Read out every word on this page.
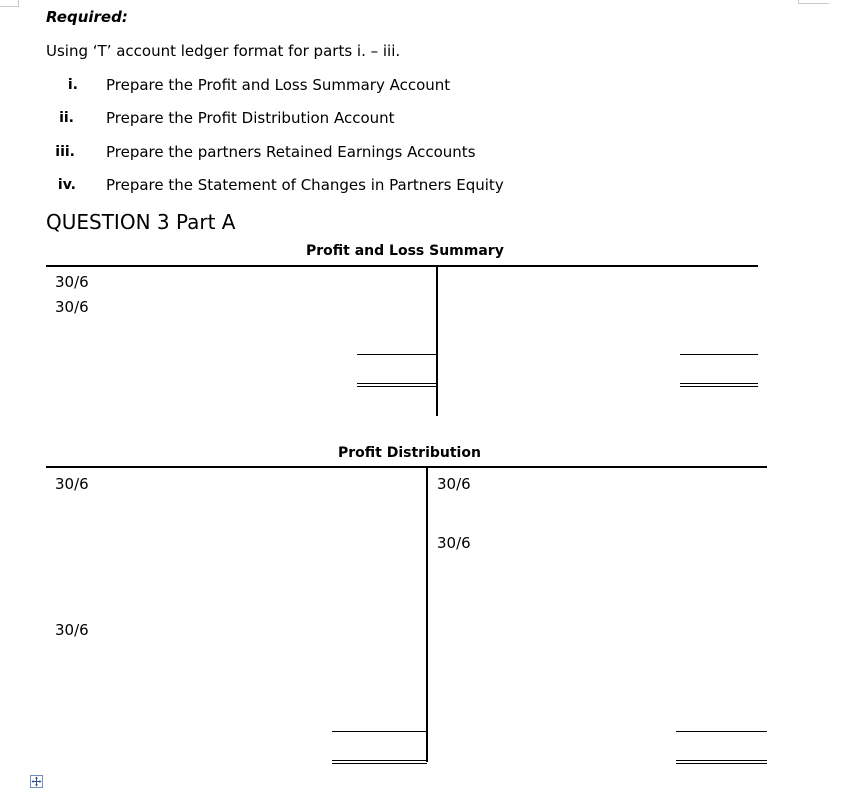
Required:
Using ‘T’ account ledger format for parts i. – iii.
i. Prepare the Profit and Loss Summary Account
ii. Prepare the Profit Distribution Account
iii. Prepare the partners Retained Earnings Accounts
iv. Prepare the Statement of Changes in Partners Equity
QUESTION 3 Part A
Profit and Loss Summary
30/6
30/6
Profit Distribution
30/6
30/6
30/6
30/6
